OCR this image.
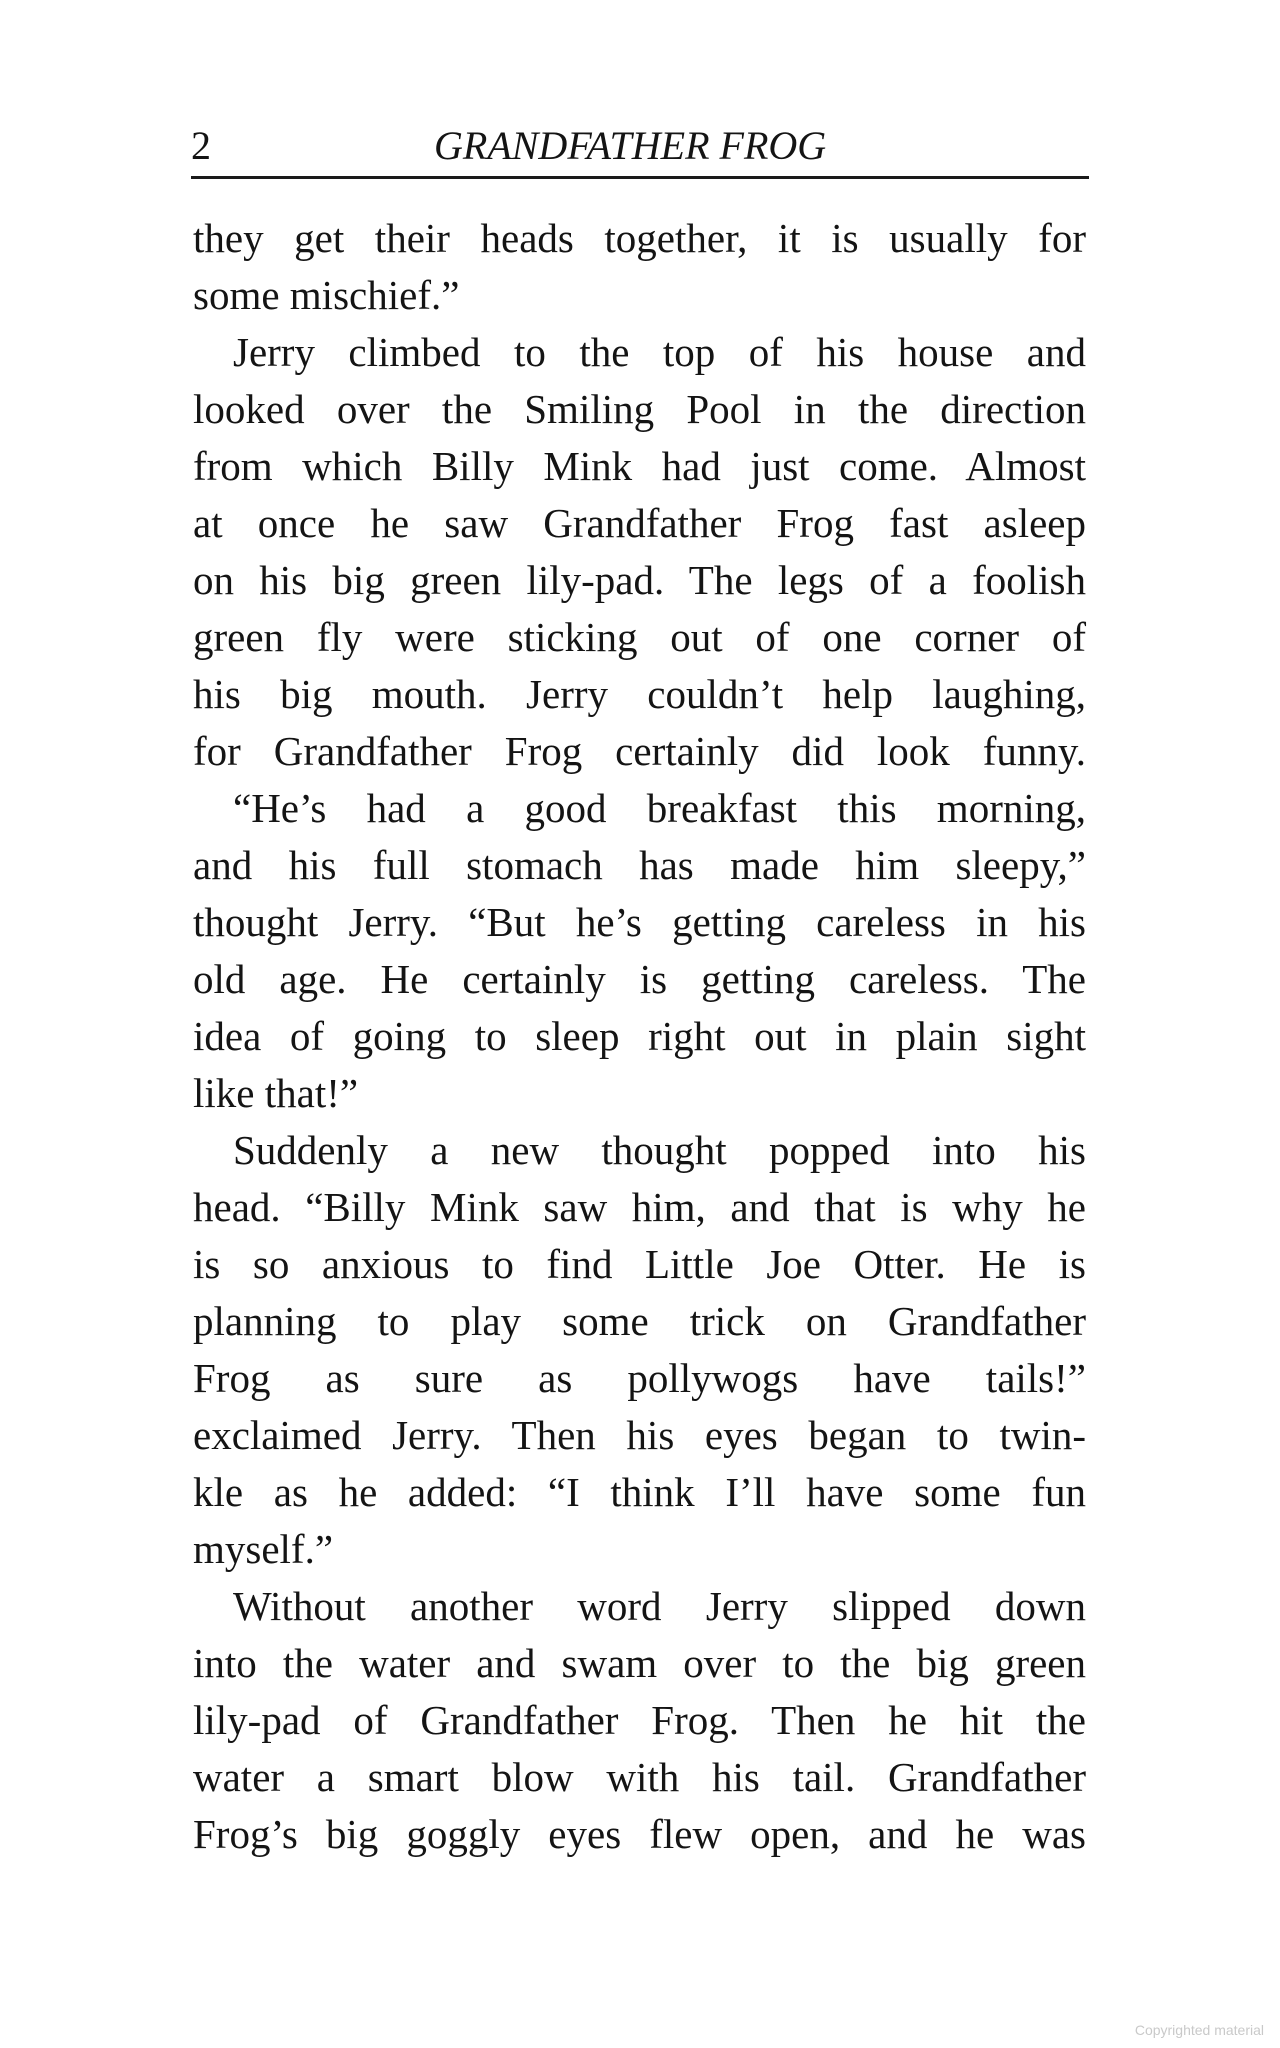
2	GRANDFATHER FROG
they get their heads together, it is usually for
some mischief.”
Jerry climbed to the top of his house and
looked over the Smiling Pool in the direction
from which Billy Mink had just come. Almost
at once he saw Grandfather Frog fast asleep
on his big green lily-pad. The legs of a foolish
green fly were sticking out of one corner of
his big mouth. Jerry couldn’t help laughing,
for Grandfather Frog certainly did look funny.
“He’s had a good breakfast this morning,
and his full stomach has made him sleepy,”
thought Jerry. “But he’s getting careless in his
old age. He certainly is getting careless. The
idea of going to sleep right out in plain sight
like that!”
Suddenly a new thought popped into his
head. “Billy Mink saw him, and that is why he
is so anxious to find Little Joe Otter. He is
planning to play some trick on Grandfather
Frog as sure as pollywogs have tails!”
exclaimed Jerry. Then his eyes began to twin-
kle as he added: “I think I’ll have some fun
myself.”
Without another word Jerry slipped down
into the water and swam over to the big green
lily-pad of Grandfather Frog. Then he hit the
water a smart blow with his tail. Grandfather
Frog’s big goggly eyes flew open, and he was
Copyrighted material
